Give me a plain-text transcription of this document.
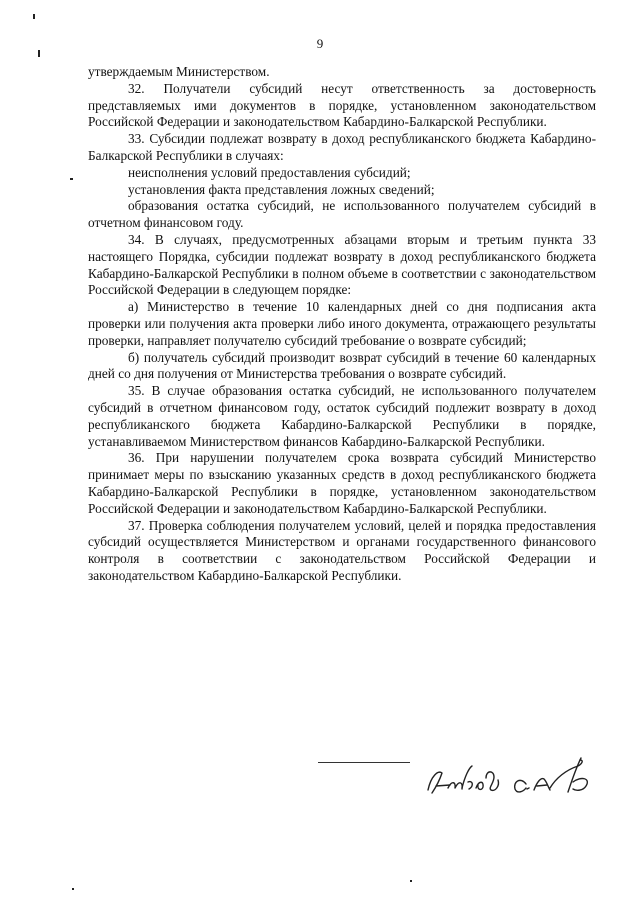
9

утверждаемым Министерством.

32. Получатели субсидий несут ответственность за достоверность представляемых ими документов в порядке, установленном законодательством Российской Федерации и законодательством Кабардино-Балкарской Республики.

33. Субсидии подлежат возврату в доход республиканского бюджета Кабардино-Балкарской Республики в случаях:

неисполнения условий предоставления субсидий;

установления факта представления ложных сведений;

образования остатка субсидий, не использованного получателем субсидий в отчетном финансовом году.

34. В случаях, предусмотренных абзацами вторым и третьим пункта 33 настоящего Порядка, субсидии подлежат возврату в доход республиканского бюджета Кабардино-Балкарской Республики в полном объеме в соответствии с законодательством Российской Федерации в следующем порядке:

а) Министерство в течение 10 календарных дней со дня подписания акта проверки или получения акта проверки либо иного документа, отражающего результаты проверки, направляет получателю субсидий требование о возврате субсидий;

б) получатель субсидий производит возврат субсидий в течение 60 календарных дней со дня получения от Министерства требования о возврате субсидий.

35. В случае образования остатка субсидий, не использованного получателем субсидий в отчетном финансовом году, остаток субсидий подлежит возврату в доход республиканского бюджета Кабардино-Балкарской Республики в порядке, устанавливаемом Министерством финансов Кабардино-Балкарской Республики.

36. При нарушении получателем срока возврата субсидий Министерство принимает меры по взысканию указанных средств в доход республиканского бюджета Кабардино-Балкарской Республики в порядке, установленном законодательством Российской Федерации и законодательством Кабардино-Балкарской Республики.

37. Проверка соблюдения получателем условий, целей и порядка предоставления субсидий осуществляется Министерством и органами государственного финансового контроля в соответствии с законодательством Российской Федерации и законодательством Кабардино-Балкарской Республики.
